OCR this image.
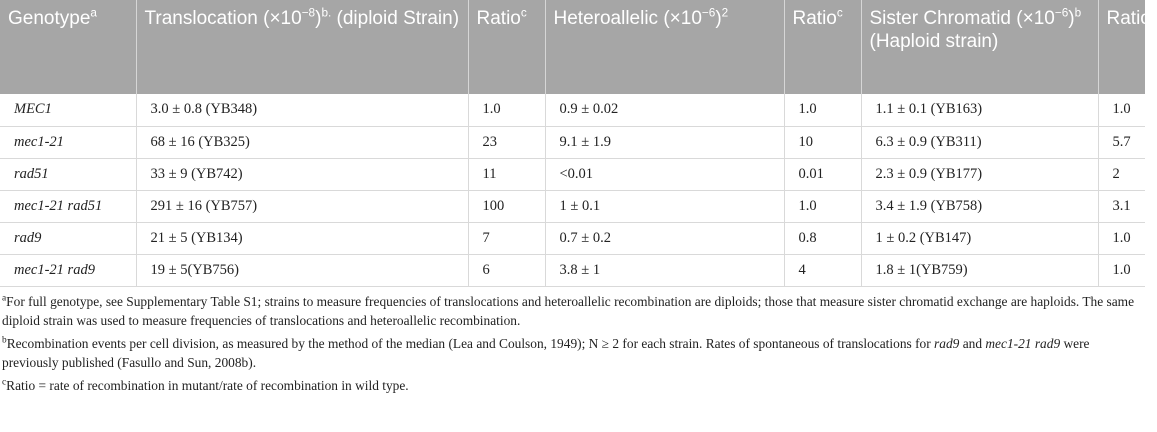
Genotype$^a$	Translocation $(\times 10^{-8})^{b.}$ (diploid Strain)	Ratio$^c$	Heteroallelic $(\times 10^{-6})^2$	Ratio$^c$	Sister Chromatid $(\times 10^{-6})^b$
(Haploid strain)	Ratio$^c$
MEC1	3.0 ± 0.8 (YB348)	1.0	0.9 ± 0.02	1.0	1.1 ± 0.1 (YB163)	1.0
mec1-21	68 ± 16 (YB325)	23	9.1 ± 1.9	10	6.3 ± 0.9 (YB311)	5.7
rad51	33 ± 9 (YB742)	11	<0.01	0.01	2.3 ± 0.9 (YB177)	2
mec1-21 rad51	291 ± 16 (YB757)	100	1 ± 0.1	1.0	3.4 ± 1.9 (YB758)	3.1
rad9	21 ± 5 (YB134)	7	0.7 ± 0.2	0.8	1 ± 0.2 (YB147)	1.0
mec1-21 rad9	19 ± 5(YB756)	6	3.8 ± 1	4	1.8 ± 1(YB759)	1.0

$^a$For full genotype, see Supplementary Table S1; strains to measure frequencies of translocations and heteroallelic recombination are diploids; those that measure sister chromatid exchange are haploids. The same diploid strain was used to measure frequencies of translocations and heteroallelic recombination.

$^b$Recombination events per cell division, as measured by the method of the median (Lea and Coulson, 1949); N ≥ 2 for each strain. Rates of spontaneous of translocations for rad9 and mec1-21 rad9 were previously published (Fasullo and Sun, 2008b).

$^c$Ratio = rate of recombination in mutant/rate of recombination in wild type.
